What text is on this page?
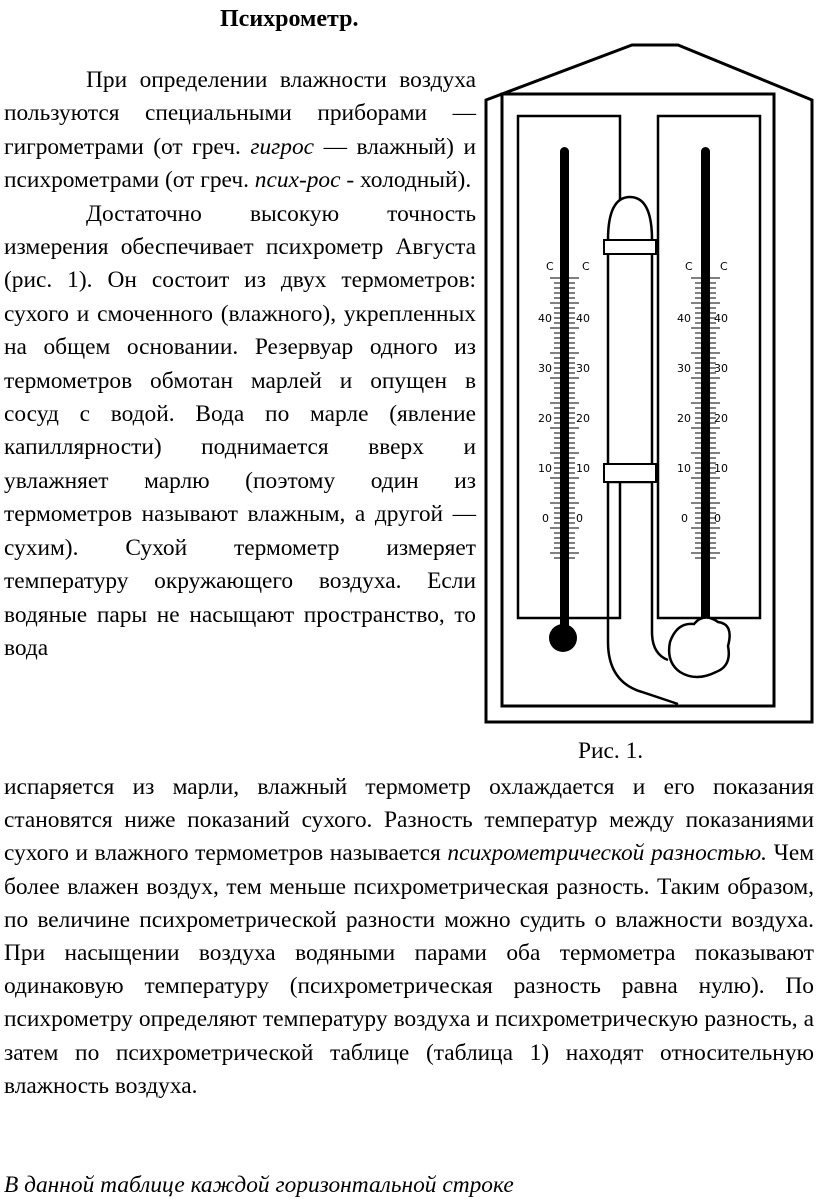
Психрометр.

При определении влажности воздуха пользуются специальными приборами — гигрометрами (от греч. гигрос — влажный) и психрометрами (от греч. псих-рос - холодный).

Достаточно высокую точность измерения обеспечивает психрометр Августа (рис. 1). Он состоит из двух термометров: сухого и смоченного (влажного), укрепленных на общем основании. Резервуар одного из термометров обмотан марлей и опущен в сосуд с водой. Вода по марле (явление капиллярности) поднимается вверх и увлажняет марлю (поэтому один из термометров называют влажным, а другой — сухим). Сухой термометр измеряет температуру окружающего воздуха. Если водяные пары не насыщают пространство, то вода

С	С	С С
40 40	40 40
30 30	30 30
20 20	20 20
10 10	10 10
0 0	0 0
Рис. 1.

испаряется из марли, влажный термометр охлаждается и его показания становятся ниже показаний сухого. Разность температур между показаниями сухого и влажного термометров называется психрометрической разностью. Чем более влажен воздух, тем меньше психрометрическая разность. Таким образом, по величине психрометрической разности можно судить о влажности воздуха. При насыщении воздуха водяными парами оба термометра показывают одинаковую температуру (психрометрическая разность равна нулю). По психрометру определяют температуру воздуха и психрометрическую разность, а затем по психрометрической таблице (таблица 1) находят относительную влажность воздуха.

В данной таблице каждой горизонтальной строке
